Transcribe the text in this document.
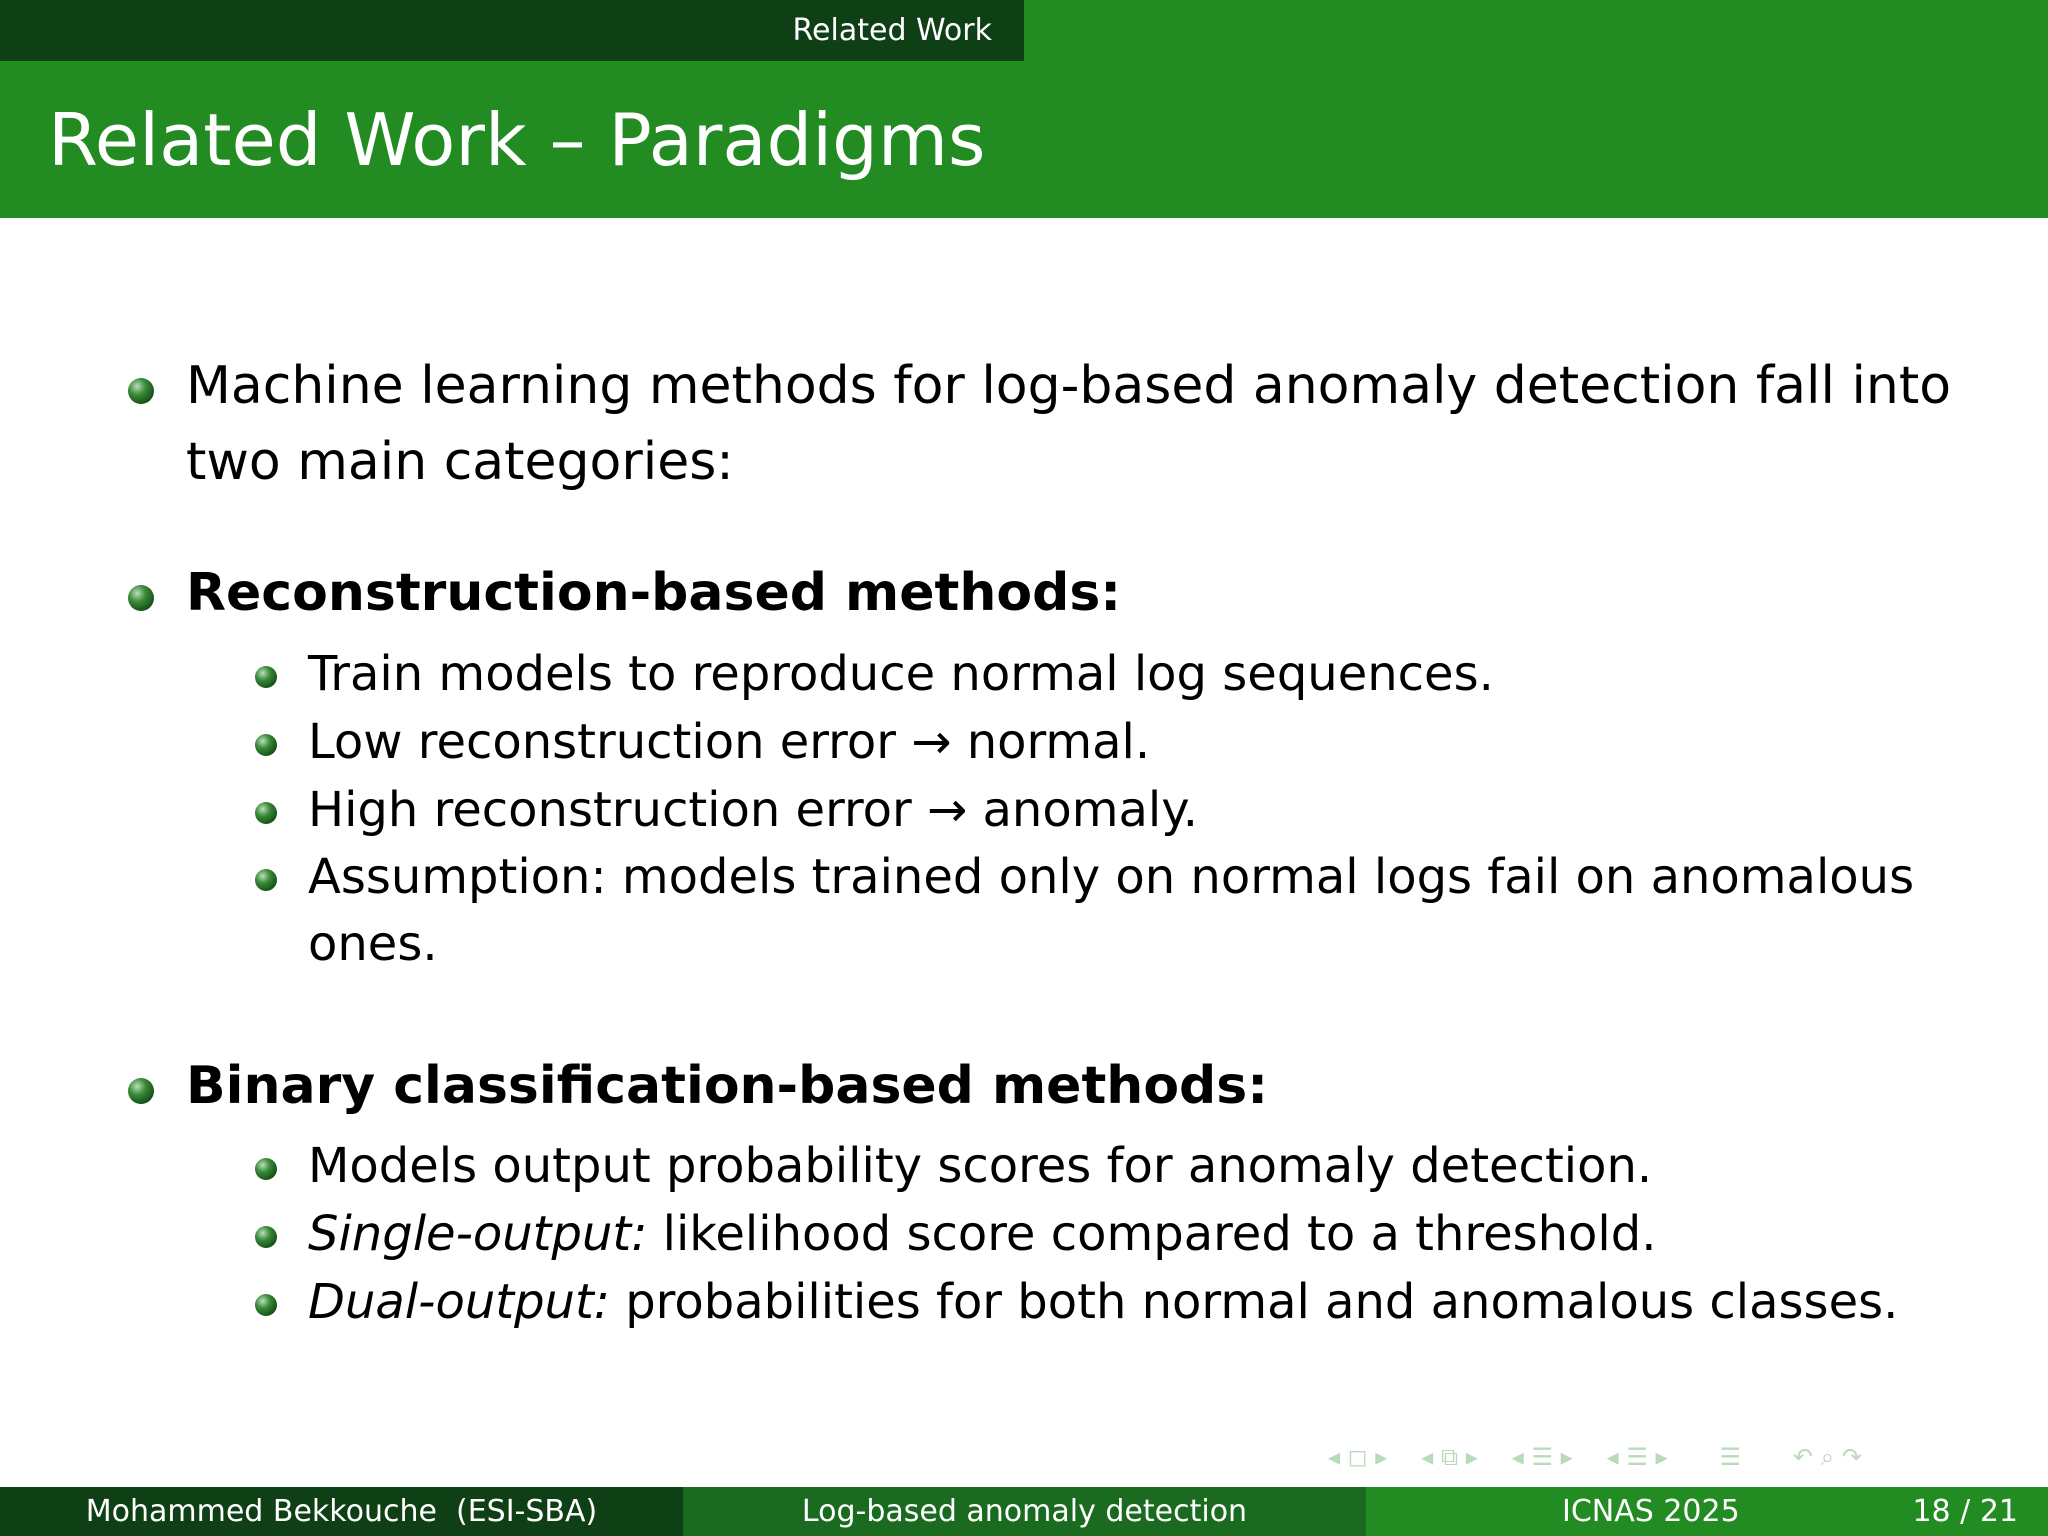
Related Work
Related Work – Paradigms
Machine learning methods for log-based anomaly detection fall into
two main categories:
Reconstruction-based methods:
Train models to reproduce normal log sequences.
Low reconstruction error → normal.
High reconstruction error → anomaly.
Assumption: models trained only on normal logs fail on anomalous
ones.
Binary classification-based methods:
Models output probability scores for anomaly detection.
Single-output: likelihood score compared to a threshold.
Dual-output: probabilities for both normal and anomalous classes.
◂ ◻ ▸ ◂ ⧉ ▸ ◂ ☰ ▸ ◂ ☰ ▸ ☰ ↶ ⌕ ↷
Mohammed Bekkouche  (ESI-SBA)	Log-based anomaly detection	ICNAS 2025	18 / 21
